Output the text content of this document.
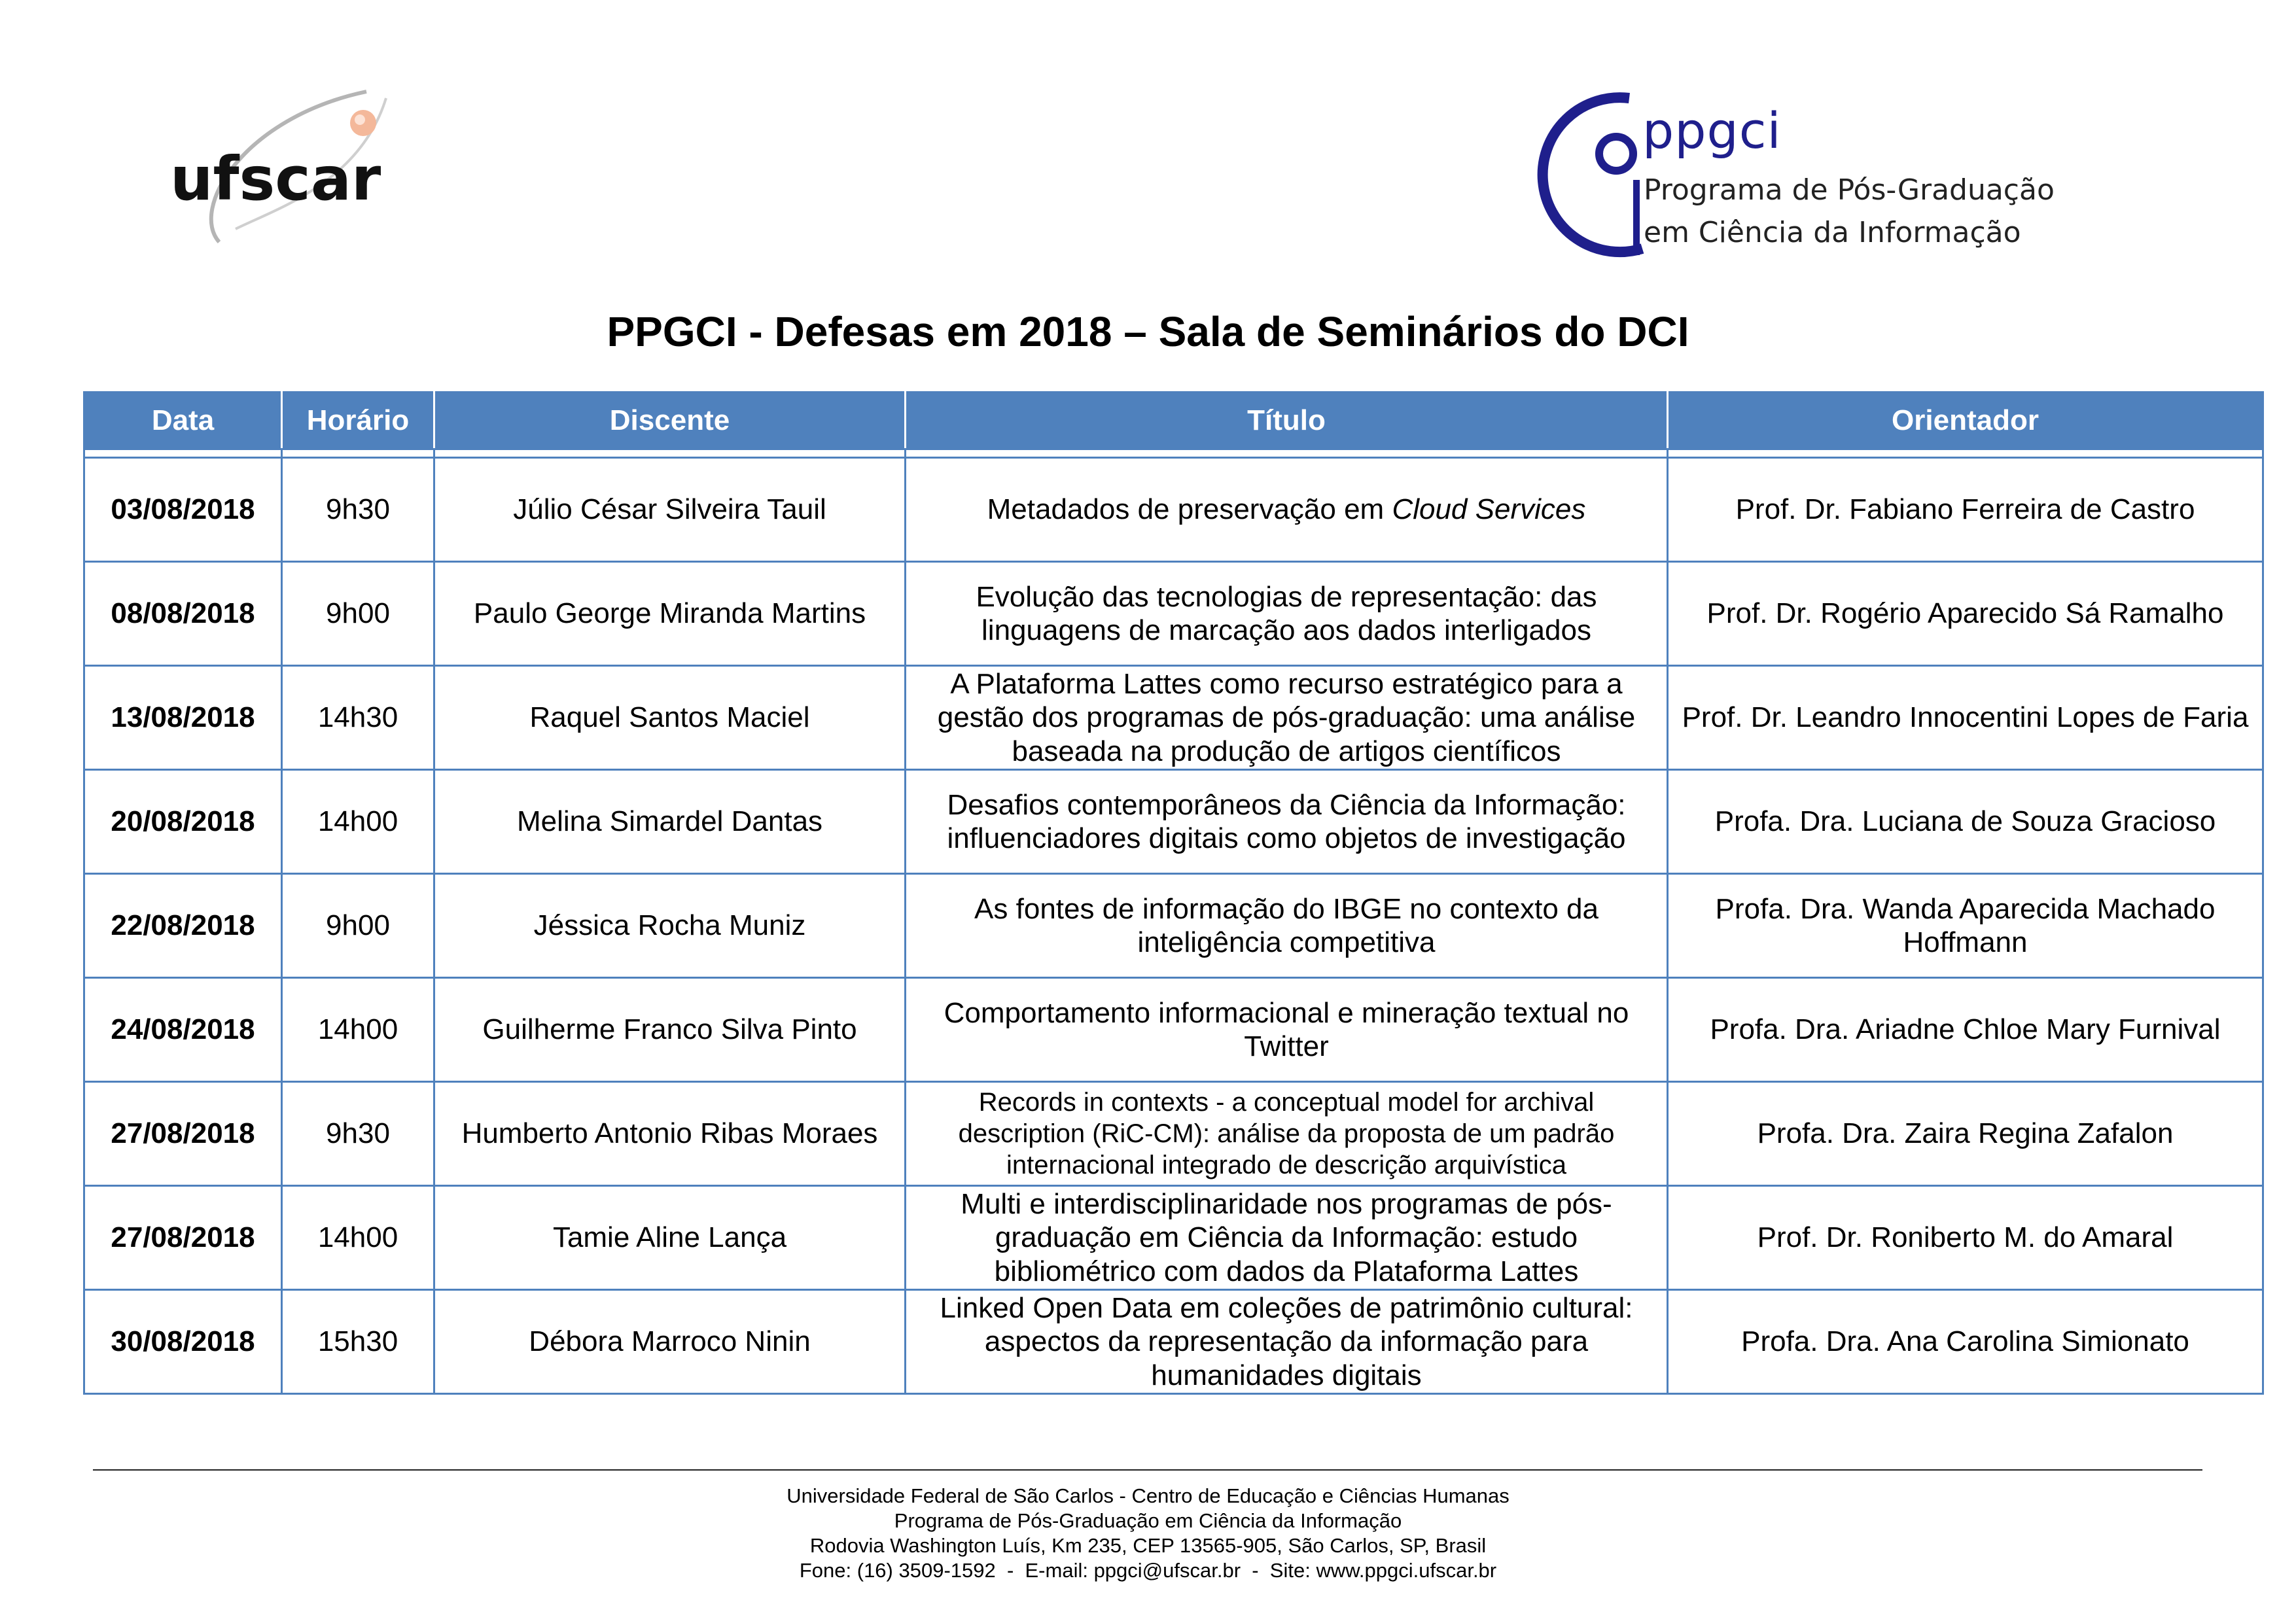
ufscar
ppgci
Programa de Pós-Graduação
em Ciência da Informação
PPGCI - Defesas em 2018 – Sala de Seminários do DCI
Data	Horário	Discente	Título	Orientador

03/08/2018	9h30	Júlio César Silveira Tauil	Metadados de preservação em Cloud Services	Prof. Dr. Fabiano Ferreira de Castro
08/08/2018	9h00	Paulo George Miranda Martins	Evolução das tecnologias de representação: das linguagens de marcação aos dados interligados	Prof. Dr. Rogério Aparecido Sá Ramalho
13/08/2018	14h30	Raquel Santos Maciel	A Plataforma Lattes como recurso estratégico para a gestão dos programas de pós-graduação: uma análise baseada na produção de artigos científicos	Prof. Dr. Leandro Innocentini Lopes de Faria
20/08/2018	14h00	Melina Simardel Dantas	Desafios contemporâneos da Ciência da Informação: influenciadores digitais como objetos de investigação	Profa. Dra. Luciana de Souza Gracioso
22/08/2018	9h00	Jéssica Rocha Muniz	As fontes de informação do IBGE no contexto da inteligência competitiva	Profa. Dra. Wanda Aparecida Machado Hoffmann
24/08/2018	14h00	Guilherme Franco Silva Pinto	Comportamento informacional e mineração textual no Twitter	Profa. Dra. Ariadne Chloe Mary Furnival
27/08/2018	9h30	Humberto Antonio Ribas Moraes	Records in contexts - a conceptual model for archival description (RiC-CM): análise da proposta de um padrão internacional integrado de descrição arquivística	Profa. Dra. Zaira Regina Zafalon
27/08/2018	14h00	Tamie Aline Lança	Multi e interdisciplinaridade nos programas de pós-graduação em Ciência da Informação: estudo bibliométrico com dados da Plataforma Lattes	Prof. Dr. Roniberto M. do Amaral
30/08/2018	15h30	Débora Marroco Ninin	Linked Open Data em coleções de patrimônio cultural: aspectos da representação da informação para humanidades digitais	Profa. Dra. Ana Carolina Simionato
Universidade Federal de São Carlos - Centro de Educação e Ciências Humanas
Programa de Pós-Graduação em Ciência da Informação
Rodovia Washington Luís, Km 235, CEP 13565-905, São Carlos, SP, Brasil
Fone: (16) 3509-1592  -  E-mail: ppgci@ufscar.br  -  Site: www.ppgci.ufscar.br
